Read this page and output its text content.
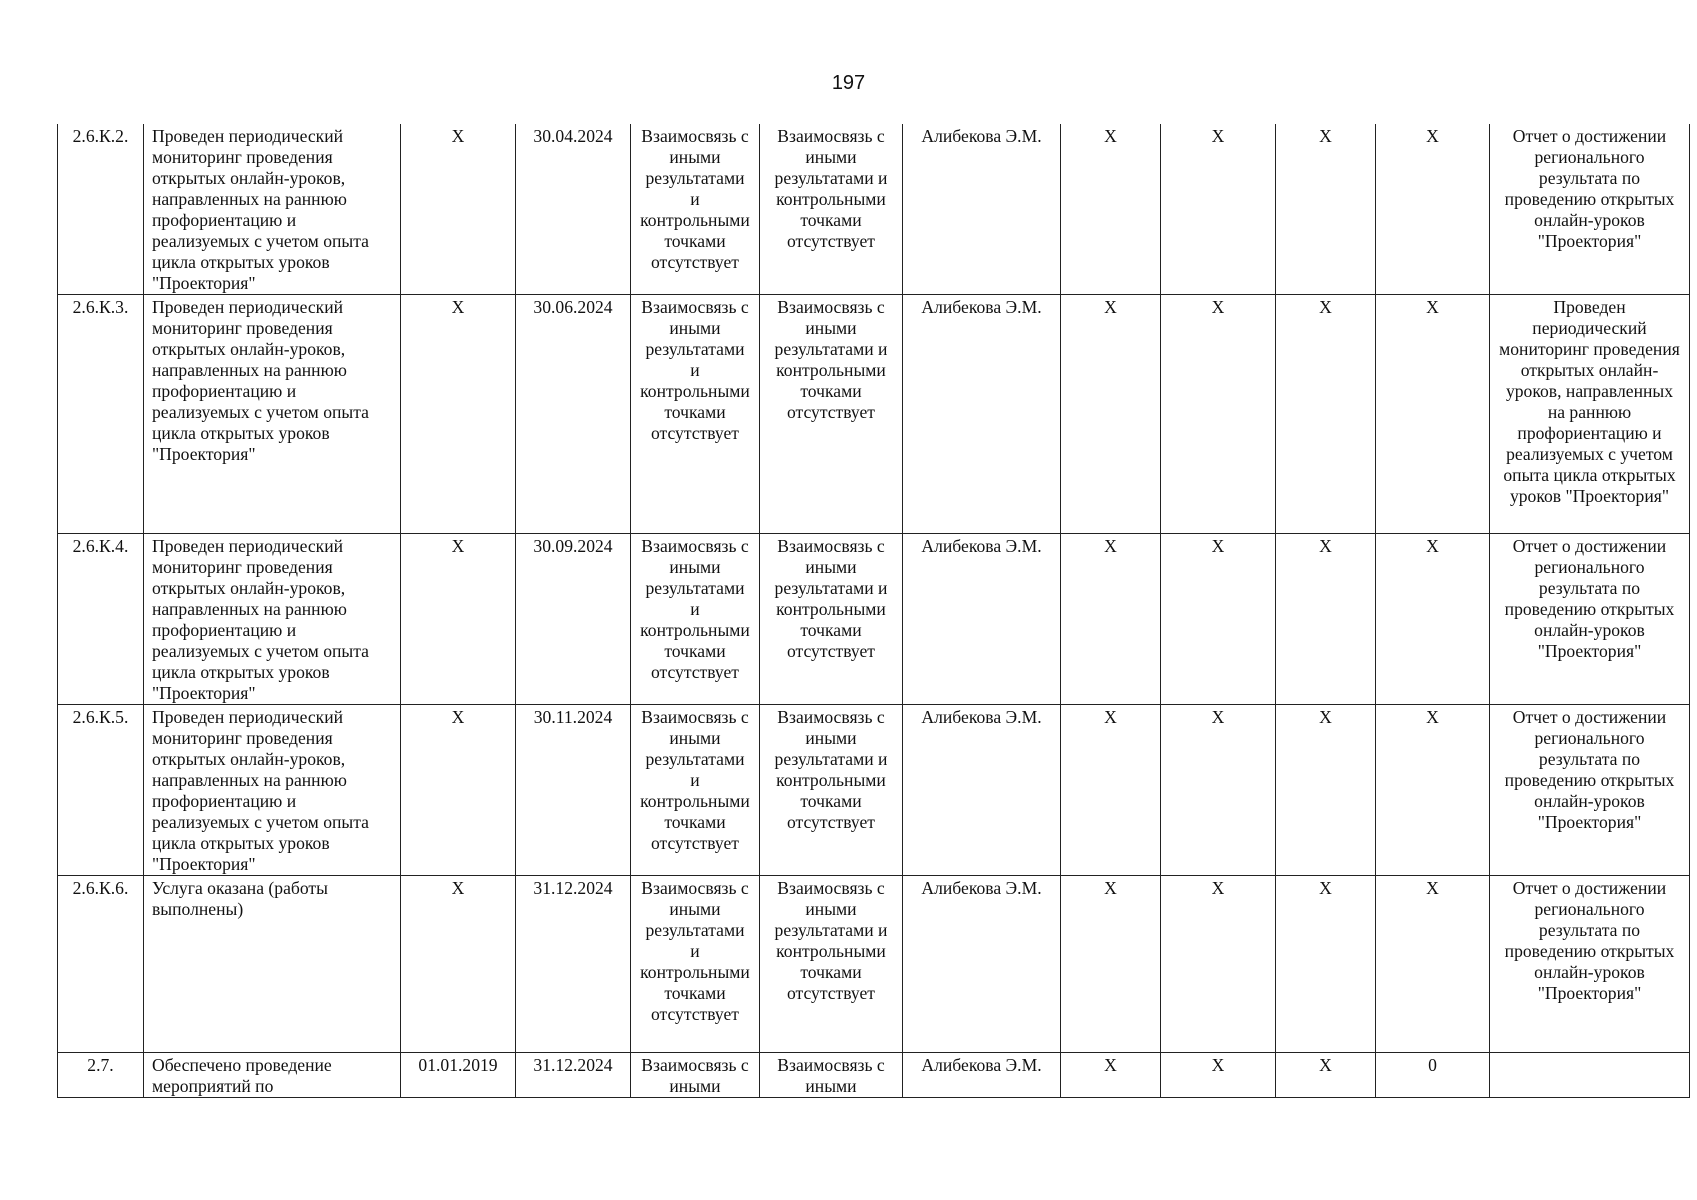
197
2.6.К.2.	Проведен периодический мониторинг проведения открытых онлайн-уроков, направленных на раннюю профориентацию и реализуемых с учетом опыта цикла открытых уроков "Проектория"	Х	30.04.2024	Взаимосвязь с иными результатами и контрольными точками отсутствует	Взаимосвязь с иными результатами и контрольными точками отсутствует	Алибекова Э.М.	Х	Х	Х	Х	Отчет о достижении регионального результата по проведению открытых онлайн-уроков "Проектория"
2.6.К.3.	Проведен периодический мониторинг проведения открытых онлайн-уроков, направленных на раннюю профориентацию и реализуемых с учетом опыта цикла открытых уроков "Проектория"	Х	30.06.2024	Взаимосвязь с иными результатами и контрольными точками отсутствует	Взаимосвязь с иными результатами и контрольными точками отсутствует	Алибекова Э.М.	Х	Х	Х	Х	Проведен периодический мониторинг проведения открытых онлайн-уроков, направленных на раннюю профориентацию и реализуемых с учетом опыта цикла открытых уроков "Проектория"
2.6.К.4.	Проведен периодический мониторинг проведения открытых онлайн-уроков, направленных на раннюю профориентацию и реализуемых с учетом опыта цикла открытых уроков "Проектория"	Х	30.09.2024	Взаимосвязь с иными результатами и контрольными точками отсутствует	Взаимосвязь с иными результатами и контрольными точками отсутствует	Алибекова Э.М.	Х	Х	Х	Х	Отчет о достижении регионального результата по проведению открытых онлайн-уроков "Проектория"
2.6.К.5.	Проведен периодический мониторинг проведения открытых онлайн-уроков, направленных на раннюю профориентацию и реализуемых с учетом опыта цикла открытых уроков "Проектория"	Х	30.11.2024	Взаимосвязь с иными результатами и контрольными точками отсутствует	Взаимосвязь с иными результатами и контрольными точками отсутствует	Алибекова Э.М.	Х	Х	Х	Х	Отчет о достижении регионального результата по проведению открытых онлайн-уроков "Проектория"
2.6.К.6.	Услуга оказана (работы выполнены)	Х	31.12.2024	Взаимосвязь с иными результатами и контрольными точками отсутствует	Взаимосвязь с иными результатами и контрольными точками отсутствует	Алибекова Э.М.	Х	Х	Х	Х	Отчет о достижении регионального результата по проведению открытых онлайн-уроков "Проектория"
2.7.	Обеспечено проведение мероприятий по	01.01.2019	31.12.2024	Взаимосвязь с иными	Взаимосвязь с иными	Алибекова Э.М.	Х	Х	Х	0	
